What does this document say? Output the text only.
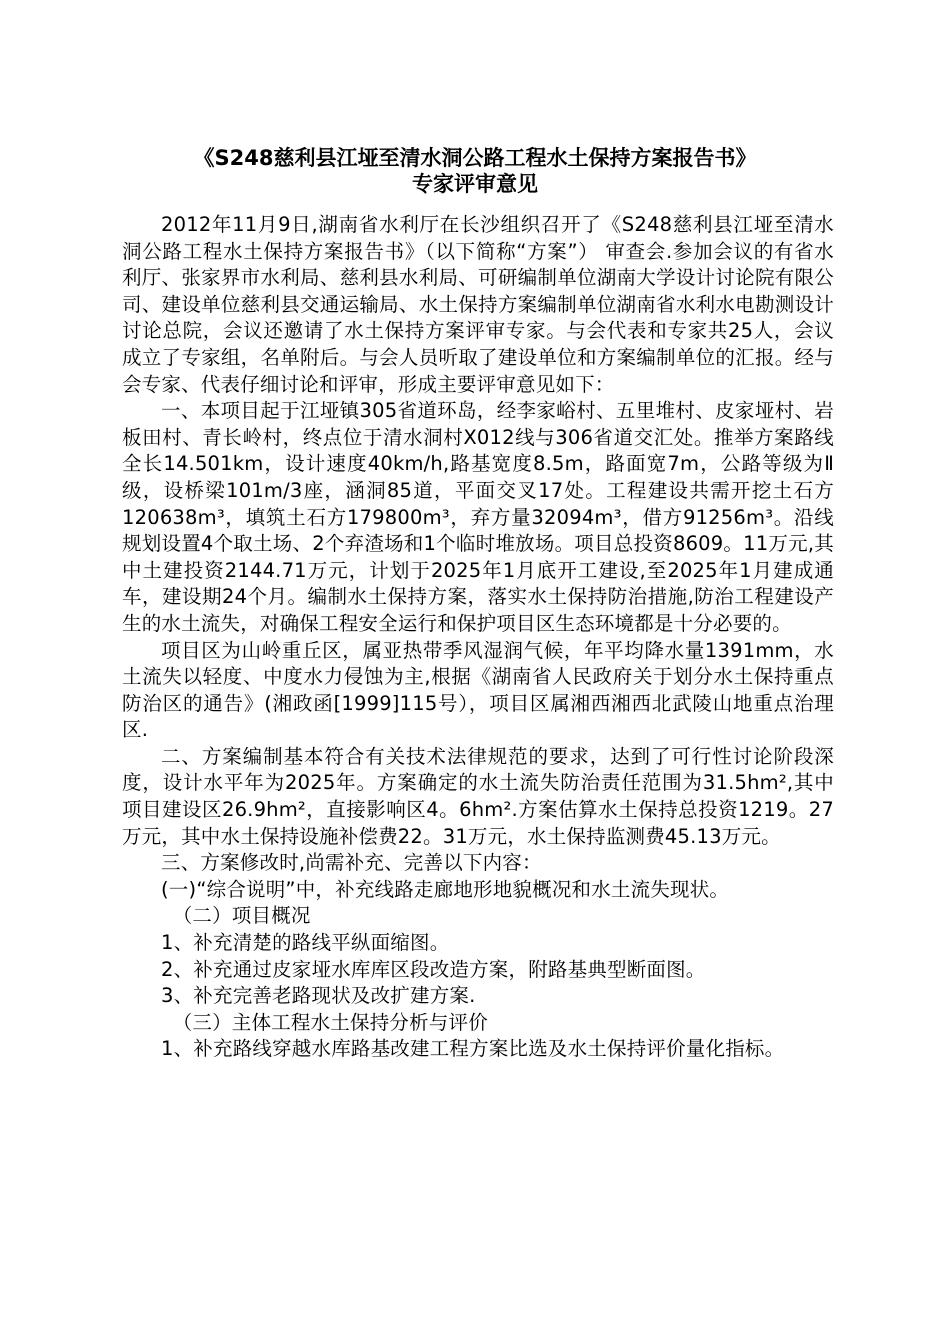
《S248慈利县江垭至清水洞公路工程水土保持方案报告书》
专家评审意见

2012年11月9日,湖南省水利厅在长沙组织召开了《S248慈利县江垭至清水洞公路工程水土保持方案报告书》（以下简称“方案”） 审查会.参加会议的有省水利厅、张家界市水利局、慈利县水利局、可研编制单位湖南大学设计讨论院有限公司、建设单位慈利县交通运输局、水土保持方案编制单位湖南省水利水电勘测设计讨论总院，会议还邀请了水土保持方案评审专家。与会代表和专家共25人，会议成立了专家组，名单附后。与会人员听取了建设单位和方案编制单位的汇报。经与会专家、代表仔细讨论和评审，形成主要评审意见如下：

一、本项目起于江垭镇305省道环岛，经李家峪村、五里堆村、皮家垭村、岩板田村、青长岭村，终点位于清水洞村X012线与306省道交汇处。推举方案路线全长14.501km，设计速度40km/h,路基宽度8.5m，路面宽7m，公路等级为Ⅱ级，设桥梁101m/3座，涵洞85道，平面交叉17处。工程建设共需开挖土石方120638m³，填筑土石方179800m³，弃方量32094m³，借方91256m³。沿线规划设置4个取土场、2个弃渣场和1个临时堆放场。项目总投资8609。11万元,其中土建投资2144.71万元，计划于2025年1月底开工建设,至2025年1月建成通车，建设期24个月。编制水土保持方案，落实水土保持防治措施,防治工程建设产生的水土流失，对确保工程安全运行和保护项目区生态环境都是十分必要的。

项目区为山岭重丘区，属亚热带季风湿润气候，年平均降水量1391mm，水土流失以轻度、中度水力侵蚀为主,根据《湖南省人民政府关于划分水土保持重点防治区的通告》(湘政函[1999]115号），项目区属湘西湘西北武陵山地重点治理区.

二、方案编制基本符合有关技术法律规范的要求，达到了可行性讨论阶段深度，设计水平年为2025年。方案确定的水土流失防治责任范围为31.5hm²,其中项目建设区26.9hm²，直接影响区4。6hm².方案估算水土保持总投资1219。27万元，其中水土保持设施补偿费22。31万元，水土保持监测费45.13万元。

三、方案修改时,尚需补充、完善以下内容：

(一)“综合说明”中，补充线路走廊地形地貌概况和水土流失现状。

（二）项目概况

1、补充清楚的路线平纵面缩图。

2、补充通过皮家垭水库库区段改造方案，附路基典型断面图。

3、补充完善老路现状及改扩建方案.

（三）主体工程水土保持分析与评价

1、补充路线穿越水库路基改建工程方案比选及水土保持评价量化指标。
